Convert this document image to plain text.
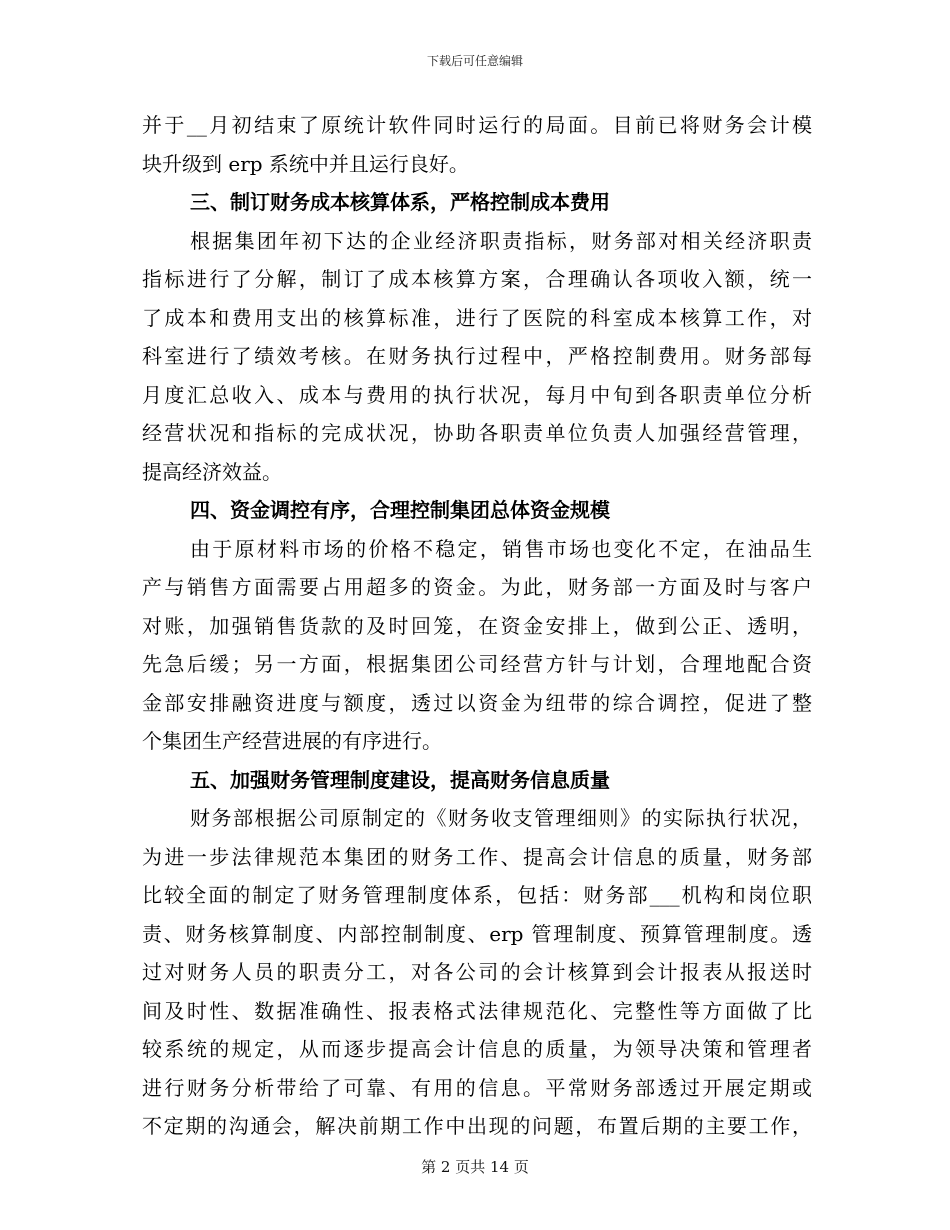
下载后可任意编辑
并于__月初结束了原统计软件同时运行的局面。目前已将财务会计模
块升级到 erp 系统中并且运行良好。
三、制订财务成本核算体系，严格控制成本费用
根据集团年初下达的企业经济职责指标，财务部对相关经济职责
指标进行了分解，制订了成本核算方案，合理确认各项收入额，统一
了成本和费用支出的核算标准，进行了医院的科室成本核算工作，对
科室进行了绩效考核。在财务执行过程中，严格控制费用。财务部每
月度汇总收入、成本与费用的执行状况，每月中旬到各职责单位分析
经营状况和指标的完成状况，协助各职责单位负责人加强经营管理，
提高经济效益。
四、资金调控有序，合理控制集团总体资金规模
由于原材料市场的价格不稳定，销售市场也变化不定，在油品生
产与销售方面需要占用超多的资金。为此，财务部一方面及时与客户
对账，加强销售货款的及时回笼，在资金安排上，做到公正、透明，
先急后缓；另一方面，根据集团公司经营方针与计划，合理地配合资
金部安排融资进度与额度，透过以资金为纽带的综合调控，促进了整
个集团生产经营进展的有序进行。
五、加强财务管理制度建设，提高财务信息质量
财务部根据公司原制定的《财务收支管理细则》的实际执行状况，
为进一步法律规范本集团的财务工作、提高会计信息的质量，财务部
比较全面的制定了财务管理制度体系，包括：财务部___机构和岗位职
责、财务核算制度、内部控制制度、erp 管理制度、预算管理制度。透
过对财务人员的职责分工，对各公司的会计核算到会计报表从报送时
间及时性、数据准确性、报表格式法律规范化、完整性等方面做了比
较系统的规定，从而逐步提高会计信息的质量，为领导决策和管理者
进行财务分析带给了可靠、有用的信息。平常财务部透过开展定期或
不定期的沟通会，解决前期工作中出现的问题，布置后期的主要工作，
第 2 页共 14 页
